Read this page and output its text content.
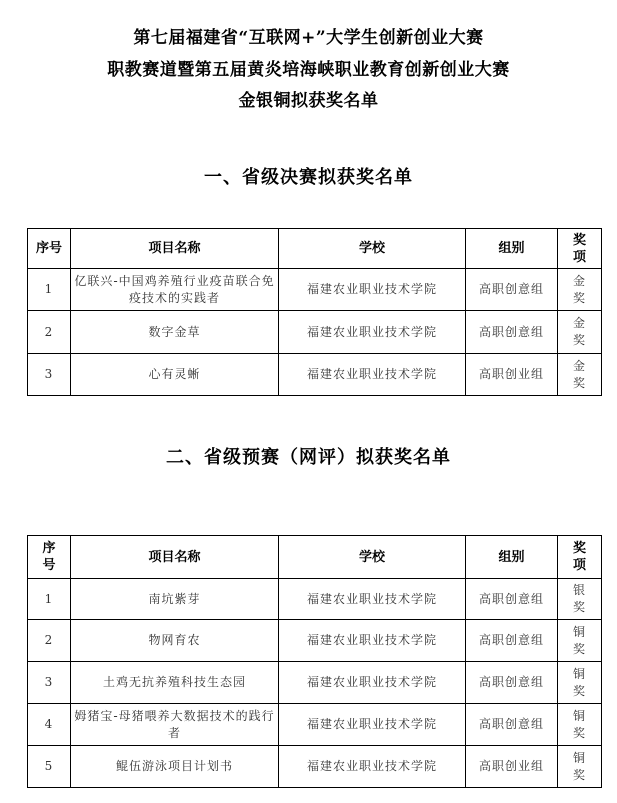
第七届福建省“互联网+”大学生创新创业大赛
职教赛道暨第五届黄炎培海峡职业教育创新创业大赛
金银铜拟获奖名单
一、省级决赛拟获奖名单
序号	项目名称	学校	组别	奖项
1	亿联兴-中国鸡养殖行业疫苗联合免疫技术的实践者	福建农业职业技术学院	高职创意组	金奖
2	数字金草	福建农业职业技术学院	高职创意组	金奖
3	心有灵蜥	福建农业职业技术学院	高职创业组	金奖
二、省级预赛（网评）拟获奖名单
序号	项目名称	学校	组别	奖项
1	南坑紫芽	福建农业职业技术学院	高职创意组	银奖
2	物网育农	福建农业职业技术学院	高职创意组	铜奖
3	土鸡无抗养殖科技生态园	福建农业职业技术学院	高职创意组	铜奖
4	姆猪宝-母猪喂养大数据技术的践行者	福建农业职业技术学院	高职创意组	铜奖
5	鲲伍游泳项目计划书	福建农业职业技术学院	高职创业组	铜奖
